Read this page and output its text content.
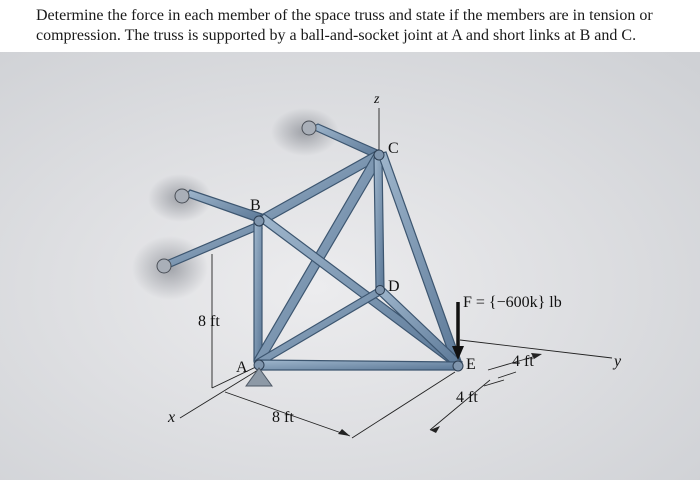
Determine the force in each member of the space truss and state if the members are in tension or
compression. The truss is supported by a ball-and-socket joint at A and short links at B and C.

z
C
B
D
A	E
x
y
8 ft
8 ft
4 ft
4 ft
F = {−600k} lb
